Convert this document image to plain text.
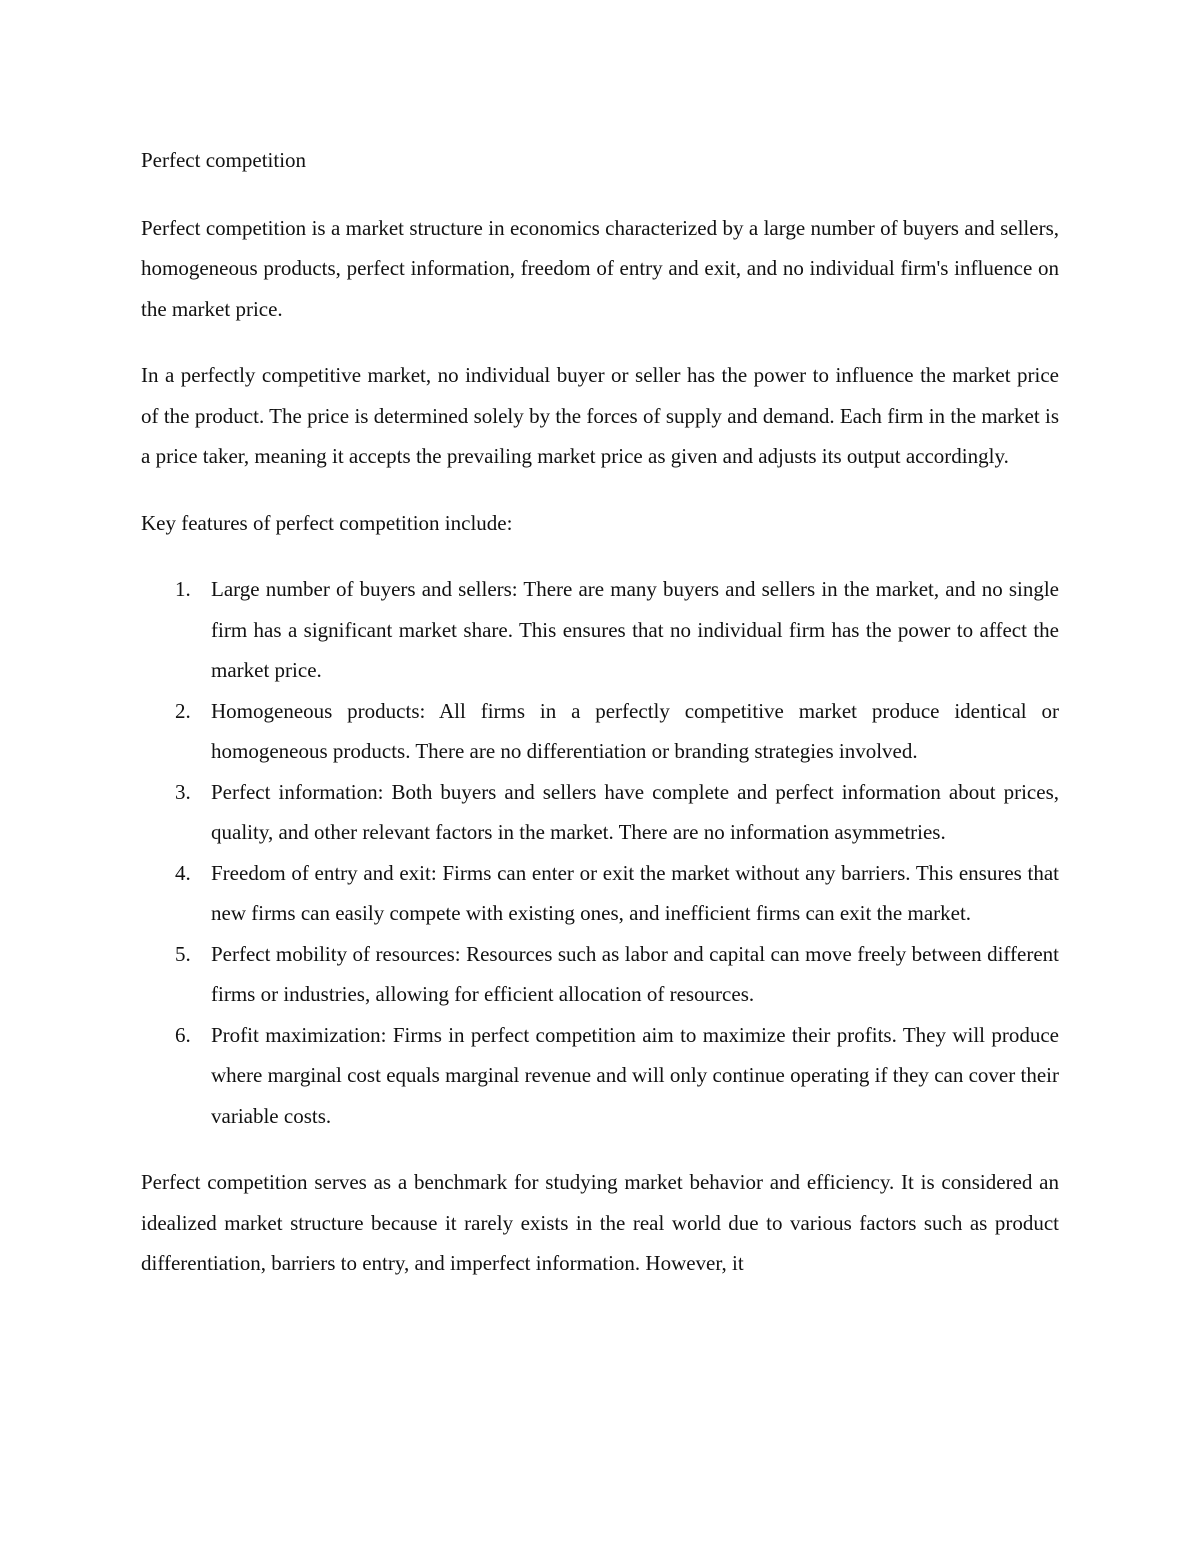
Perfect competition

Perfect competition is a market structure in economics characterized by a large number of buyers and sellers, homogeneous products, perfect information, freedom of entry and exit, and no individual firm's influence on the market price.

In a perfectly competitive market, no individual buyer or seller has the power to influence the market price of the product. The price is determined solely by the forces of supply and demand. Each firm in the market is a price taker, meaning it accepts the prevailing market price as given and adjusts its output accordingly.

Key features of perfect competition include:

1. Large number of buyers and sellers: There are many buyers and sellers in the market, and no single firm has a significant market share. This ensures that no individual firm has the power to affect the market price.
2. Homogeneous products: All firms in a perfectly competitive market produce identical or homogeneous products. There are no differentiation or branding strategies involved.
3. Perfect information: Both buyers and sellers have complete and perfect information about prices, quality, and other relevant factors in the market. There are no information asymmetries.
4. Freedom of entry and exit: Firms can enter or exit the market without any barriers. This ensures that new firms can easily compete with existing ones, and inefficient firms can exit the market.
5. Perfect mobility of resources: Resources such as labor and capital can move freely between different firms or industries, allowing for efficient allocation of resources.
6. Profit maximization: Firms in perfect competition aim to maximize their profits. They will produce where marginal cost equals marginal revenue and will only continue operating if they can cover their variable costs.

Perfect competition serves as a benchmark for studying market behavior and efficiency. It is considered an idealized market structure because it rarely exists in the real world due to various factors such as product differentiation, barriers to entry, and imperfect information. However, it
